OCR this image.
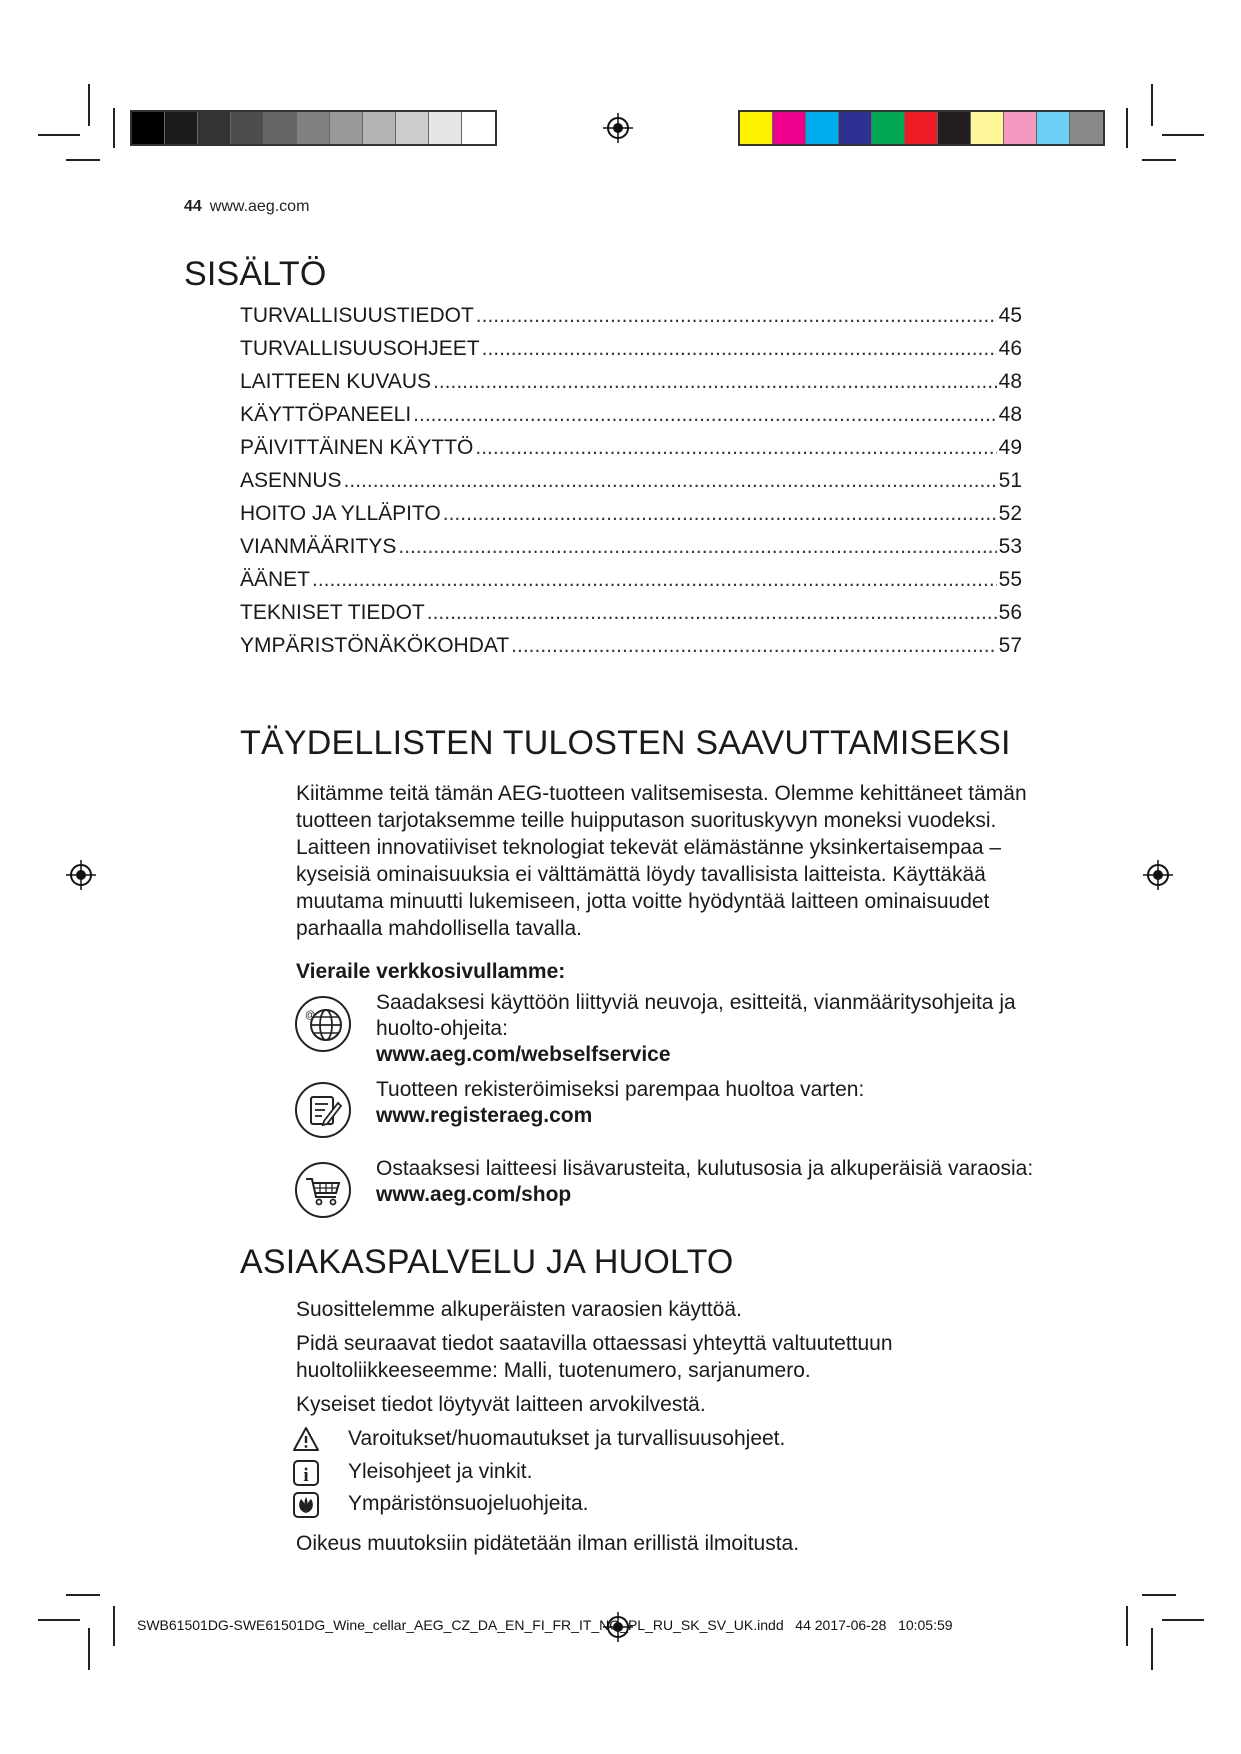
44 www.aeg.com
SISÄLTÖ
TURVALLISUUSTIEDOT .....	45
TURVALLISUUSOHJEET .....	46
LAITTEEN KUVAUS .....	48
KÄYTTÖPANEELI .....	48
PÄIVITTÄINEN KÄYTTÖ .....	49
ASENNUS .....	51
HOITO JA YLLÄPITO .....	52
VIANMÄÄRITYS .....	53
ÄÄNET .....	55
TEKNISET TIEDOT .....	56
YMPÄRISTÖNÄKÖKOHDAT .....	57
TÄYDELLISTEN TULOSTEN SAAVUTTAMISEKSI

Kiitämme teitä tämän AEG-tuotteen valitsemisesta. Olemme kehittäneet tämän tuotteen tarjotaksemme teille huipputason suorituskyvyn moneksi vuodeksi. Laitteen innovatiiviset teknologiat tekevät elämästänne yksinkertaisempaa – kyseisiä ominaisuuksia ei välttämättä löydy tavallisista laitteista. Käyttäkää muutama minuutti lukemiseen, jotta voitte hyödyntää laitteen ominaisuudet parhaalla mahdollisella tavalla.

Vieraile verkkosivullamme:
@
Saadaksesi käyttöön liittyviä neuvoja, esitteitä, vianmääritysohjeita ja huolto-ohjeita:
www.aeg.com/webselfservice
Tuotteen rekisteröimiseksi parempaa huoltoa varten:
www.registeraeg.com
Ostaaksesi laitteesi lisävarusteita, kulutusosia ja alkuperäisiä varaosia:
www.aeg.com/shop
ASIAKASPALVELU JA HUOLTO
Suosittelemme alkuperäisten varaosien käyttöä.
Pidä seuraavat tiedot saatavilla ottaessasi yhteyttä valtuutettuun huoltoliikkeeseemme: Malli, tuotenumero, sarjanumero.
Kyseiset tiedot löytyvät laitteen arvokilvestä.
Varoitukset/huomautukset ja turvallisuusohjeet.
i Yleisohjeet ja vinkit.
Ympäristönsuojeluohjeita.
Oikeus muutoksiin pidätetään ilman erillistä ilmoitusta.
SWB61501DG-SWE61501DG_Wine_cellar_AEG_CZ_DA_EN_FI_FR_IT_NO_PL_RU_SK_SV_UK.indd 44 2017-06-28 10:05:59
